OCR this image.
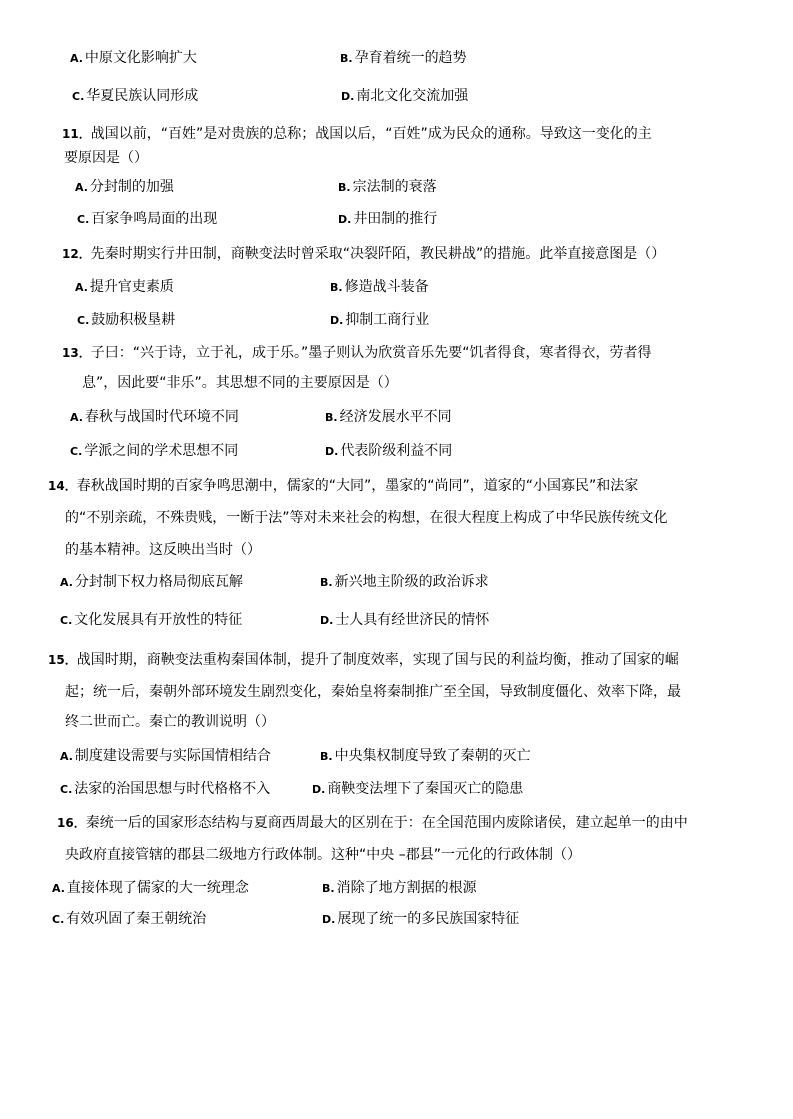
A. 中原文化影响扩大	B. 孕育着统一的趋势
C. 华夏民族认同形成	D. 南北文化交流加强
11．战国以前，“百姓”是对贵族的总称；战国以后，“百姓”成为民众的通称。导致这一变化的主
要原因是（）
A. 分封制的加强	B. 宗法制的衰落
C. 百家争鸣局面的出现	D. 井田制的推行
12．先秦时期实行井田制，商鞅变法时曾采取“决裂阡陌，教民耕战”的措施。此举直接意图是（）
A. 提升官吏素质	B. 修造战斗装备
C. 鼓励积极垦耕	D. 抑制工商行业
13．子曰：“兴于诗，立于礼，成于乐。”墨子则认为欣赏音乐先要“饥者得食，寒者得衣，劳者得
息”，因此要“非乐”。其思想不同的主要原因是（）
A. 春秋与战国时代环境不同	B. 经济发展水平不同
C. 学派之间的学术思想不同	D. 代表阶级利益不同
14．春秋战国时期的百家争鸣思潮中，儒家的“大同”，墨家的“尚同”，道家的“小国寡民”和法家
的“不别亲疏，不殊贵贱，一断于法”等对未来社会的构想，在很大程度上构成了中华民族传统文化
的基本精神。这反映出当时（）
A. 分封制下权力格局彻底瓦解	B. 新兴地主阶级的政治诉求
C. 文化发展具有开放性的特征	D. 士人具有经世济民的情怀
15．战国时期，商鞅变法重构秦国体制，提升了制度效率，实现了国与民的利益均衡，推动了国家的崛
起；统一后，秦朝外部环境发生剧烈变化，秦始皇将秦制推广至全国，导致制度僵化、效率下降，最
终二世而亡。秦亡的教训说明（）
A. 制度建设需要与实际国情相结合	B. 中央集权制度导致了秦朝的灭亡
C. 法家的治国思想与时代格格不入	D. 商鞅变法埋下了秦国灭亡的隐患
16．秦统一后的国家形态结构与夏商西周最大的区别在于：在全国范围内废除诸侯，建立起单一的由中
央政府直接管辖的郡县二级地方行政体制。这种“中央 –郡县”一元化的行政体制（）
A. 直接体现了儒家的大一统理念	B. 消除了地方割据的根源
C. 有效巩固了秦王朝统治	D. 展现了统一的多民族国家特征
